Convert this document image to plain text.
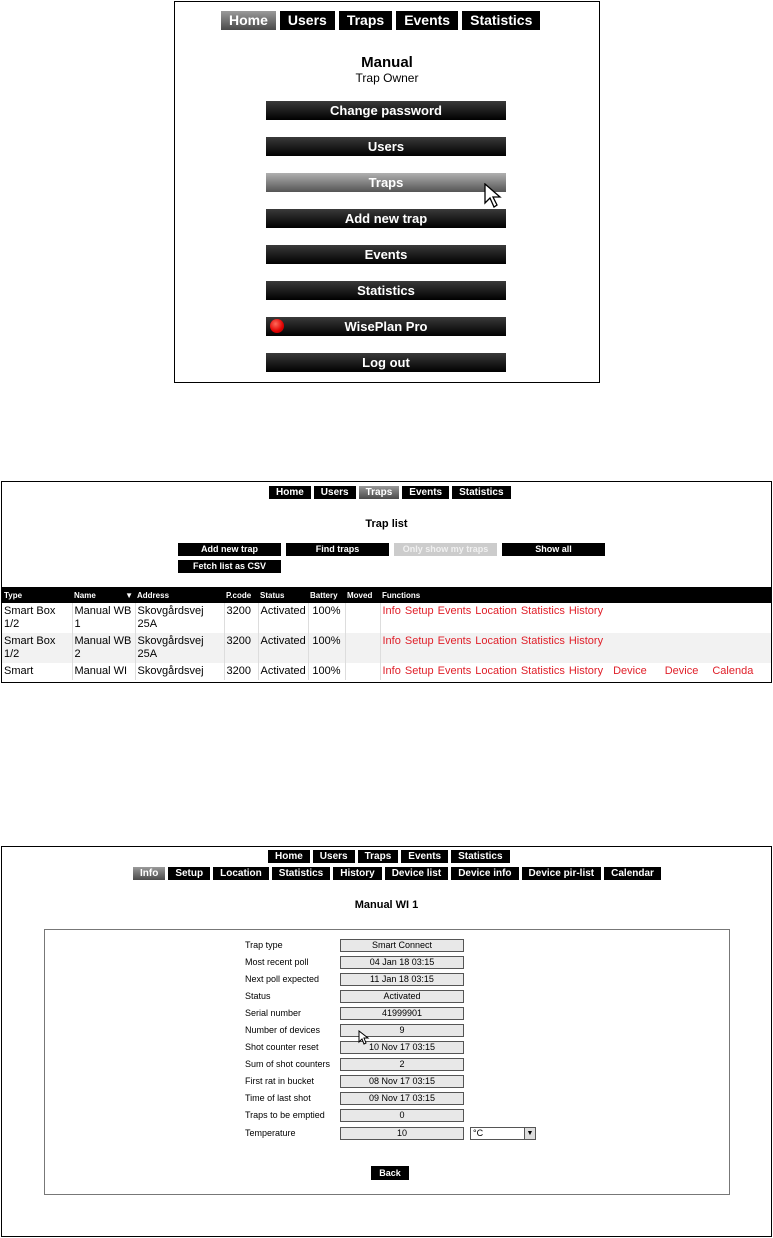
Home	Users	Traps	Events	Statistics
Manual
Trap Owner
Change password
Users
Traps
Add new trap
Events
Statistics
WisePlan Pro
Log out
Home	Users	Traps	Events	Statistics
Trap list
Add new trap	Find traps	Only show my traps	Show all
Fetch list as CSV
Type	Name ▼	Address	P.code	Status	Battery	Moved	Functions
Smart Box 1/2	Manual WB 1	Skovgårdsvej 25A	3200	Activated	100%		Info Setup Events Location Statistics History
Smart Box 1/2	Manual WB 2	Skovgårdsvej 25A	3200	Activated	100%		Info Setup Events Location Statistics History
Smart	Manual WI	Skovgårdsvej	3200	Activated	100%		Info Setup Events Location Statistics History Device Device Calenda
Home	Users	Traps	Events	Statistics
Info	Setup	Location	Statistics	History	Device list	Device info	Device pir-list	Calendar
Manual WI 1
Trap type	Smart Connect
Most recent poll	04 Jan 18 03:15
Next poll expected	11 Jan 18 03:15
Status	Activated
Serial number	41999901
Number of devices	9
Shot counter reset	10 Nov 17 03:15
Sum of shot counters	2
First rat in bucket	08 Nov 17 03:15
Time of last shot	09 Nov 17 03:15
Traps to be emptied	0
Temperature	10	°C	▼
Back
